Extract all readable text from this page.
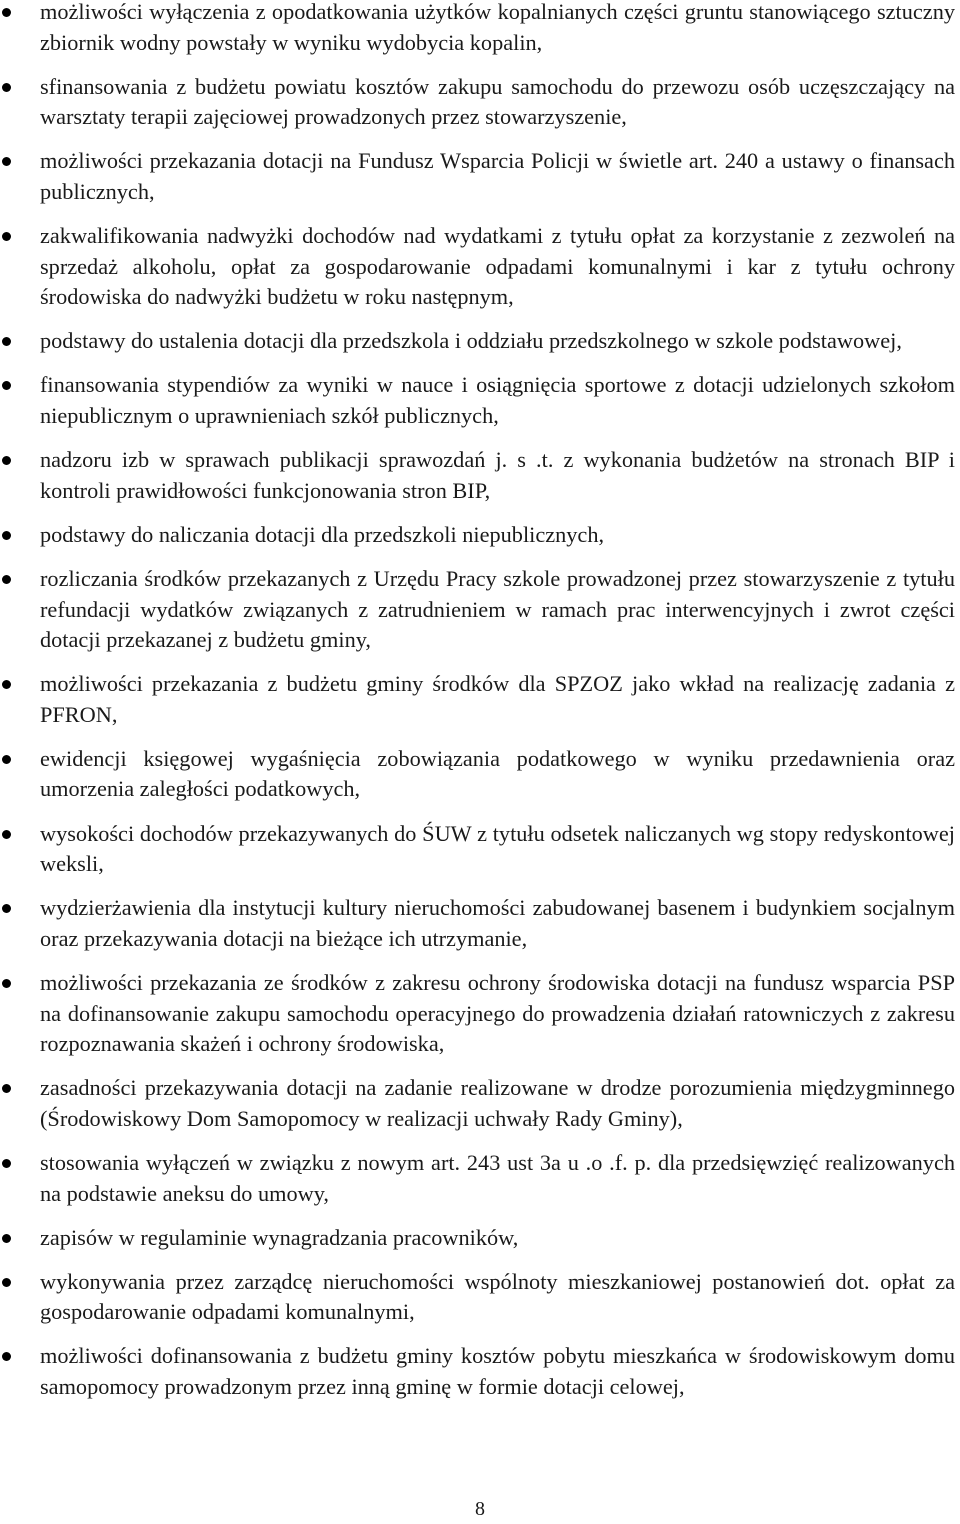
możliwości wyłączenia z opodatkowania użytków kopalnianych części gruntu stanowiącego sztuczny zbiornik wodny powstały w wyniku wydobycia kopalin,
sfinansowania z budżetu powiatu kosztów zakupu samochodu do przewozu osób uczęszczający na warsztaty terapii zajęciowej prowadzonych przez stowarzyszenie,
możliwości przekazania dotacji na Fundusz Wsparcia Policji w świetle art. 240 a ustawy o finansach publicznych,
zakwalifikowania nadwyżki dochodów nad wydatkami z tytułu opłat za korzystanie z zezwoleń na sprzedaż alkoholu, opłat za gospodarowanie odpadami komunalnymi i kar z tytułu ochrony środowiska do nadwyżki budżetu w roku następnym,
podstawy do ustalenia dotacji dla przedszkola i oddziału przedszkolnego w szkole podstawowej,
finansowania stypendiów za wyniki w nauce i osiągnięcia sportowe z dotacji udzielonych szkołom niepublicznym o uprawnieniach szkół publicznych,
nadzoru izb w sprawach publikacji sprawozdań j. s .t. z wykonania budżetów na stronach BIP i kontroli prawidłowości funkcjonowania stron BIP,
podstawy do naliczania dotacji dla przedszkoli niepublicznych,
rozliczania środków przekazanych z Urzędu Pracy szkole prowadzonej przez stowarzyszenie z tytułu refundacji wydatków związanych z zatrudnieniem w ramach prac interwencyjnych i zwrot części dotacji przekazanej z budżetu gminy,
możliwości przekazania z budżetu gminy środków dla SPZOZ jako wkład na realizację zadania z PFRON,
ewidencji księgowej wygaśnięcia zobowiązania podatkowego w wyniku przedawnienia oraz umorzenia zaległości podatkowych,
wysokości dochodów przekazywanych do ŚUW z tytułu odsetek naliczanych wg stopy redyskontowej weksli,
wydzierżawienia dla instytucji kultury nieruchomości zabudowanej basenem i budynkiem socjalnym oraz przekazywania dotacji na bieżące ich utrzymanie,
możliwości przekazania ze środków z zakresu ochrony środowiska dotacji na fundusz wsparcia PSP na dofinansowanie zakupu samochodu operacyjnego do prowadzenia działań ratowniczych z zakresu rozpoznawania skażeń i ochrony środowiska,
zasadności przekazywania dotacji na zadanie realizowane w drodze porozumienia międzygminnego (Środowiskowy Dom Samopomocy w realizacji uchwały Rady Gminy),
stosowania wyłączeń w związku z nowym art. 243 ust 3a u .o .f. p. dla przedsięwzięć realizowanych na podstawie aneksu do umowy,
zapisów w regulaminie wynagradzania pracowników,
wykonywania przez zarządcę nieruchomości wspólnoty mieszkaniowej postanowień dot. opłat za gospodarowanie odpadami komunalnymi,
możliwości dofinansowania z budżetu gminy kosztów pobytu mieszkańca w środowiskowym domu samopomocy prowadzonym przez inną gminę w formie dotacji celowej,
8
